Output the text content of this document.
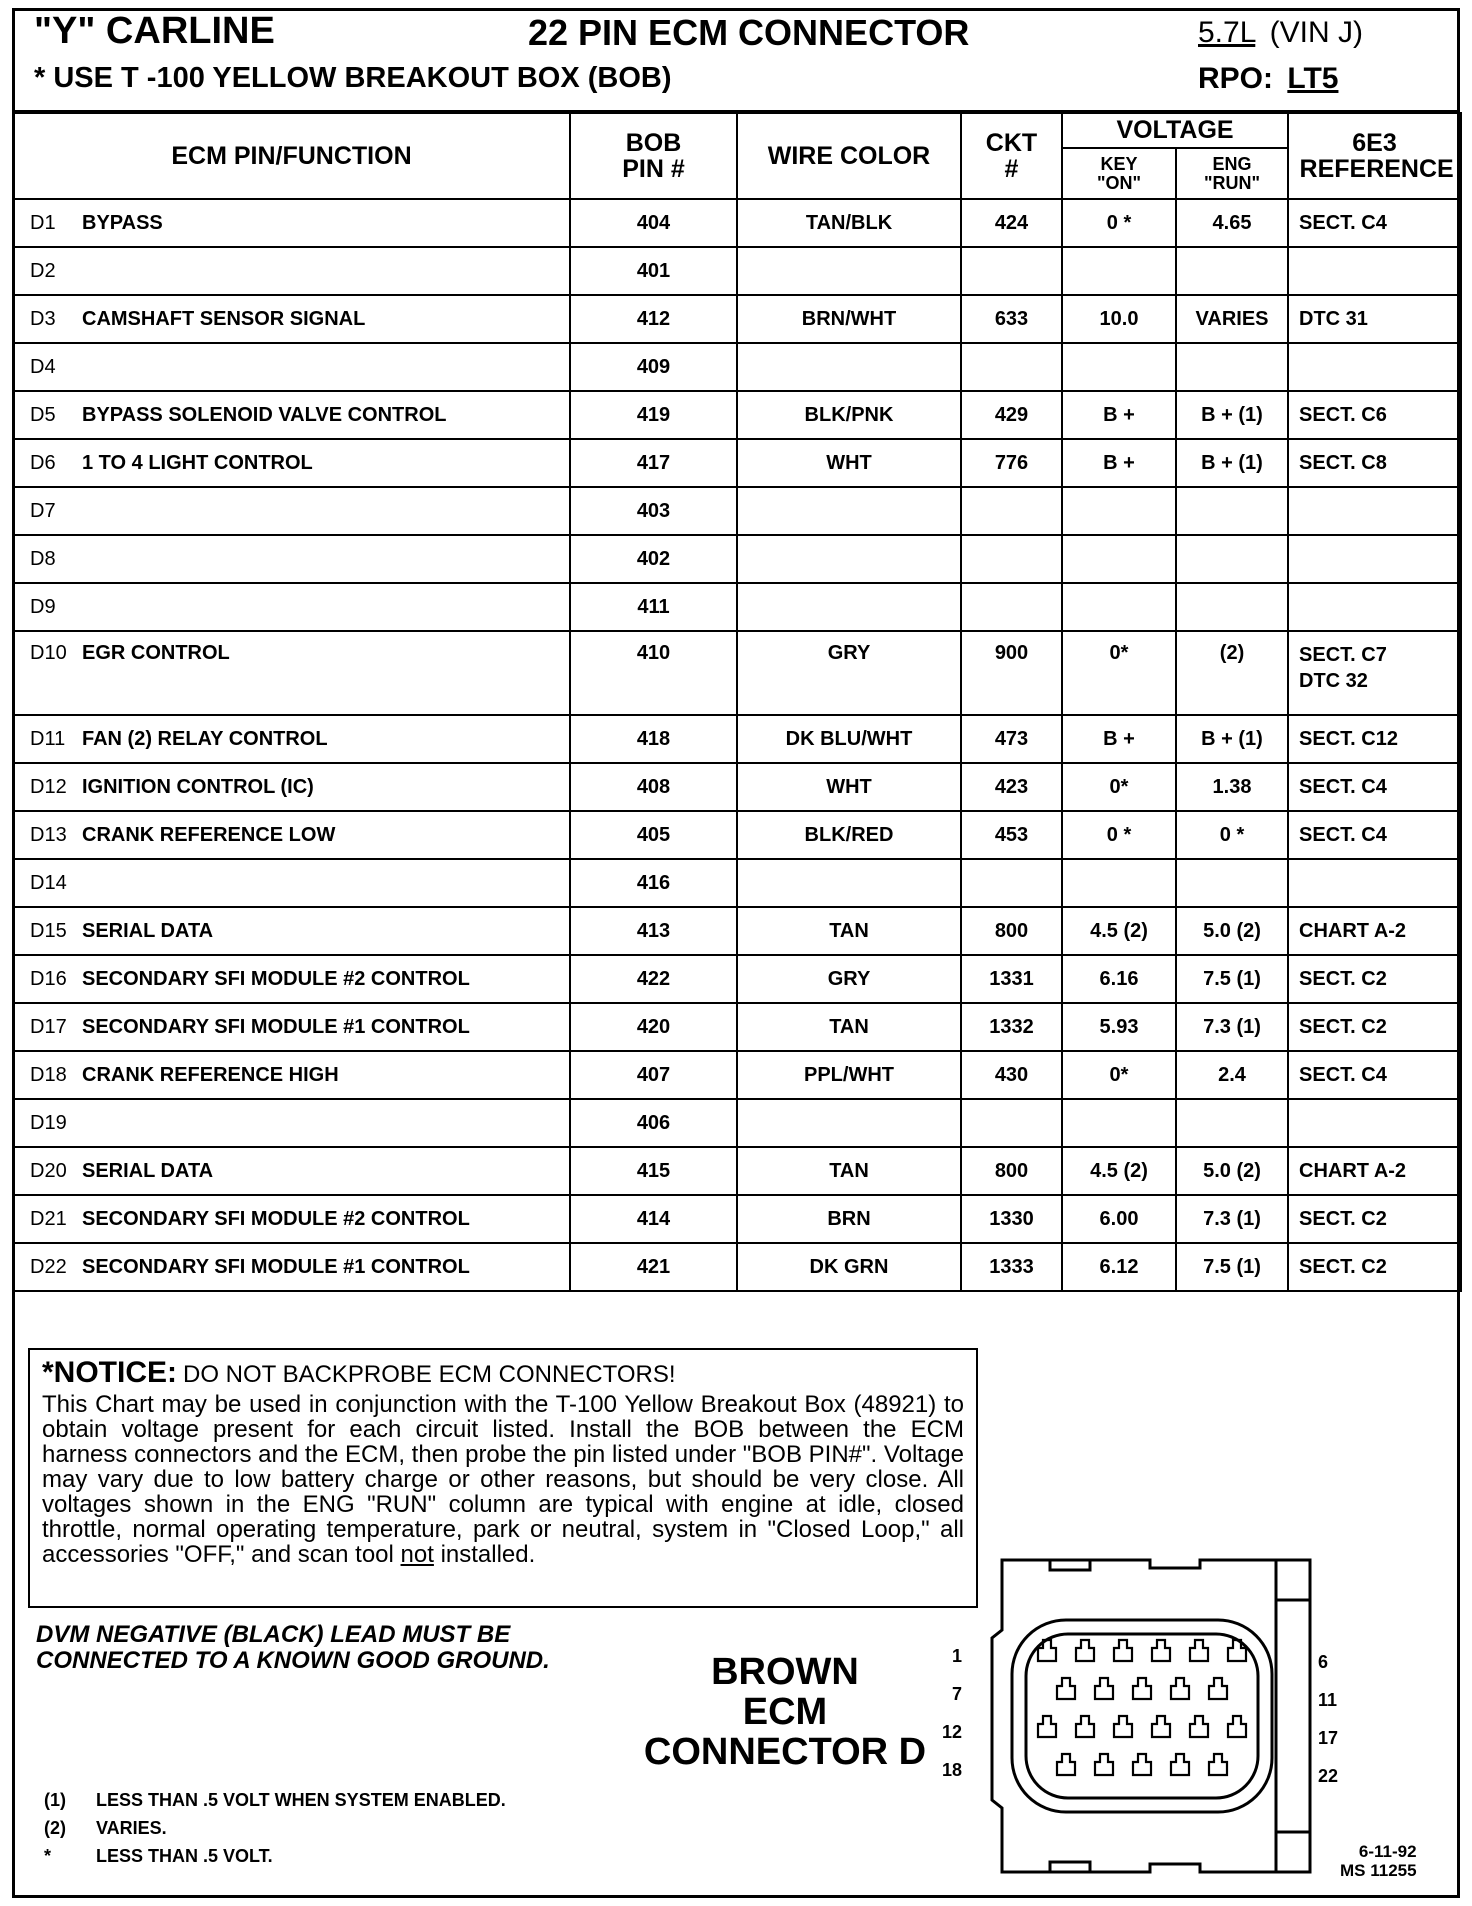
"Y" CARLINE	22 PIN ECM CONNECTOR	5.7L (VIN J)
* USE T -100 YELLOW BREAKOUT BOX (BOB)	RPO: LT5
ECM PIN/FUNCTION	BOB PIN #	WIRE COLOR	CKT #	VOLTAGE		6E3 REFERENCE
				KEY "ON"	ENG "RUN"	
D1 BYPASS	404	TAN/BLK	424	0 *	4.65	SECT. C4

D2	401					

D3 CAMSHAFT SENSOR SIGNAL	412	BRN/WHT	633	10.0	VARIES	DTC 31

D4	409					

D5 BYPASS SOLENOID VALVE CONTROL	419	BLK/PNK	429	B +	B + (1)	SECT. C6

D6 1 TO 4 LIGHT CONTROL	417	WHT	776	B +	B + (1)	SECT. C8

D7	403					

D8	402					

D9	411					

D10 EGR CONTROL	410	GRY	900	0*	(2)	SECT. C7
DTC 32

D11 FAN (2) RELAY CONTROL	418	DK BLU/WHT	473	B +	B + (1)	SECT. C12

D12 IGNITION CONTROL (IC)	408	WHT	423	0*	1.38	SECT. C4

D13 CRANK REFERENCE LOW	405	BLK/RED	453	0 *	0 *	SECT. C4

D14	416					

D15 SERIAL DATA	413	TAN	800	4.5 (2)	5.0 (2)	CHART A-2

D16 SECONDARY SFI MODULE #2 CONTROL	422	GRY	1331	6.16	7.5 (1)	SECT. C2

D17 SECONDARY SFI MODULE #1 CONTROL	420	TAN	1332	5.93	7.3 (1)	SECT. C2

D18 CRANK REFERENCE HIGH	407	PPL/WHT	430	0*	2.4	SECT. C4

D19	406					

D20 SERIAL DATA	415	TAN	800	4.5 (2)	5.0 (2)	CHART A-2

D21 SECONDARY SFI MODULE #2 CONTROL	414	BRN	1330	6.00	7.3 (1)	SECT. C2

D22 SECONDARY SFI MODULE #1 CONTROL	421	DK GRN	1333	6.12	7.5 (1)	SECT. C2
*NOTICE: DO NOT BACKPROBE ECM CONNECTORS!
This Chart may be used in conjunction with the T-100 Yellow Breakout Box (48921) to obtain voltage present for each circuit listed. Install the BOB between the ECM harness connectors and the ECM, then probe the pin listed under "BOB PIN#". Voltage may vary due to low battery charge or other reasons, but should be very close. All voltages shown in the ENG "RUN" column are typical with engine at idle, closed throttle, normal operating temperature, park or neutral, system in "Closed Loop," all accessories "OFF," and scan tool not installed.
DVM NEGATIVE (BLACK) LEAD MUST BE
CONNECTED TO A KNOWN GOOD GROUND.	BROWN
ECM
CONNECTOR D
1
7
12
18
6
11
17
22
(1) LESS THAN .5 VOLT WHEN SYSTEM ENABLED.
(2) VARIES.
* LESS THAN .5 VOLT.	6-11-92
MS 11255
